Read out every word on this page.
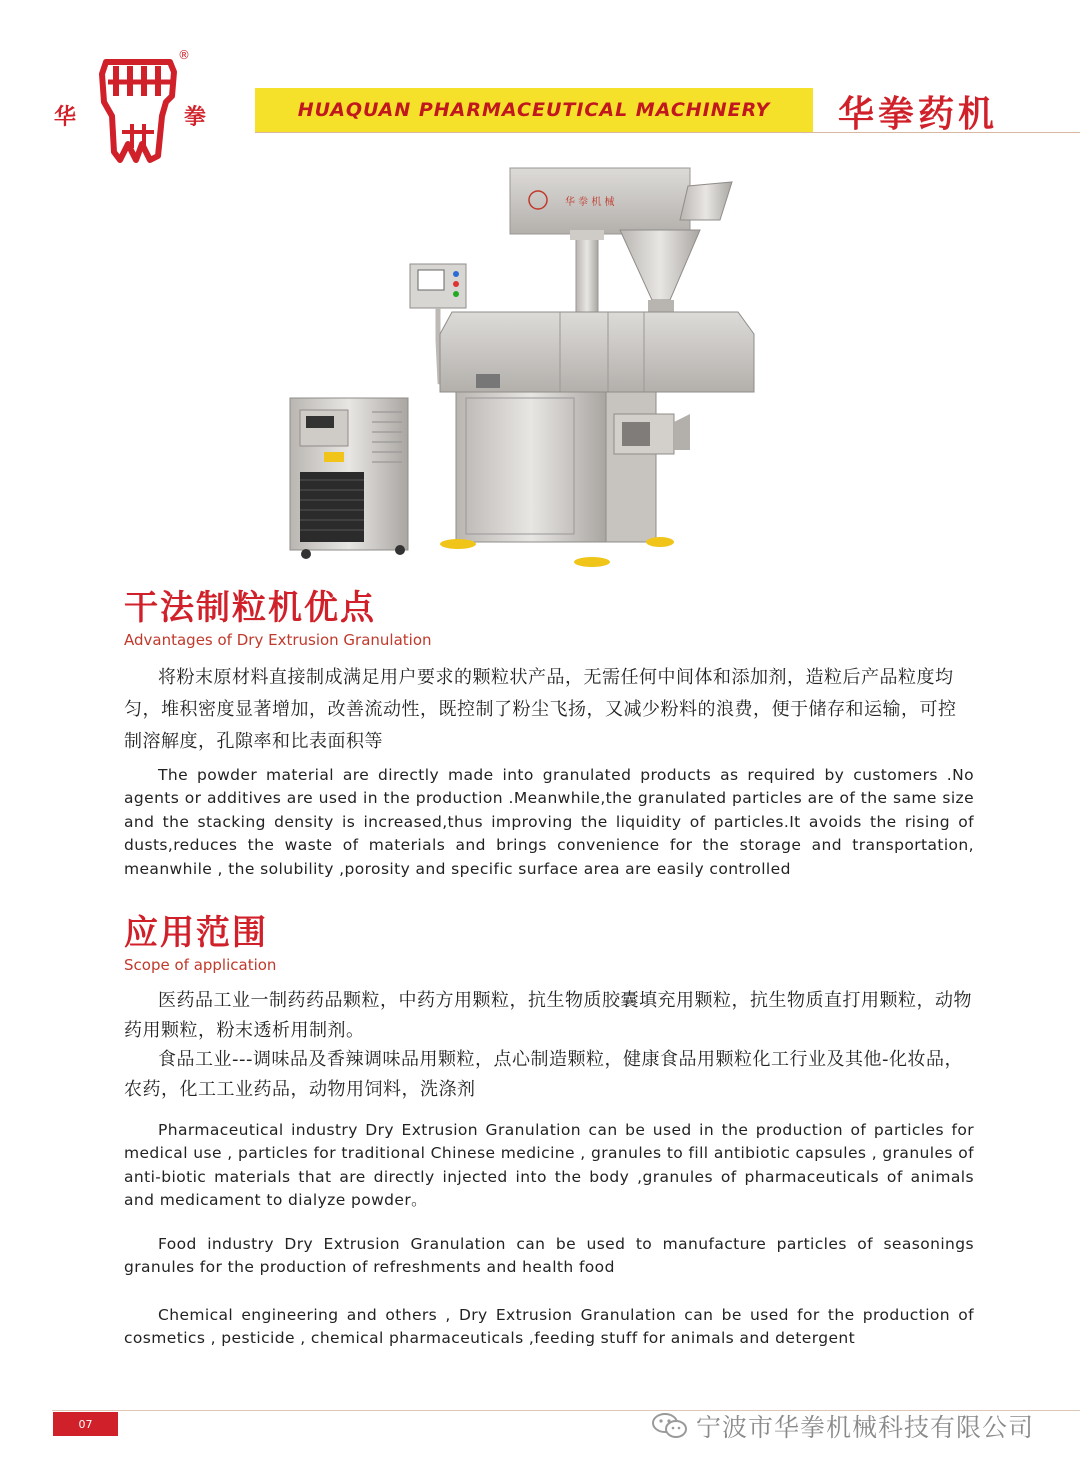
华
®
拳	HUAQUAN PHARMACEUTICAL MACHINERY 华拳药机
华 拳 机 械
干法制粒机优点
Advantages of Dry Extrusion Granulation

将粉末原材料直接制成满足用户要求的颗粒状产品，无需任何中间体和添加剂，造粒后产品粒度均匀，堆积密度显著增加，改善流动性，既控制了粉尘飞扬，又减少粉料的浪费，便于储存和运输，可控制溶解度，孔隙率和比表面积等

The powder material are directly made into granulated products as required by customers .No agents or additives are used in the production .Meanwhile,the granulated particles are of the same size and the stacking density is increased,thus improving the liquidity of particles.It avoids the rising of dusts,reduces the waste of materials and brings convenience for the storage and transportation, meanwhile , the solubility ,porosity and specific surface area are easily controlled

应用范围
Scope of application

医药品工业一制药药品颗粒，中药方用颗粒，抗生物质胶囊填充用颗粒，抗生物质直打用颗粒，动物药用颗粒，粉末透析用制剂。

食品工业---调味品及香辣调味品用颗粒，点心制造颗粒，健康食品用颗粒化工行业及其他-化妆品，农药，化工工业药品，动物用饲料，洗涤剂

Pharmaceutical industry Dry Extrusion Granulation can be used in the production of particles for medical use , particles for traditional Chinese medicine , granules to fill antibiotic capsules , granules of anti-biotic materials that are directly injected into the body ,granules of pharmaceuticals of animals and medicament to dialyze powder。

Food industry Dry Extrusion Granulation can be used to manufacture particles of seasonings granules for the production of refreshments and health food

Chemical engineering and others , Dry Extrusion Granulation can be used for the production of cosmetics , pesticide , chemical pharmaceuticals ,feeding stuff for animals and detergent

07	宁波市华拳机械科技有限公司
